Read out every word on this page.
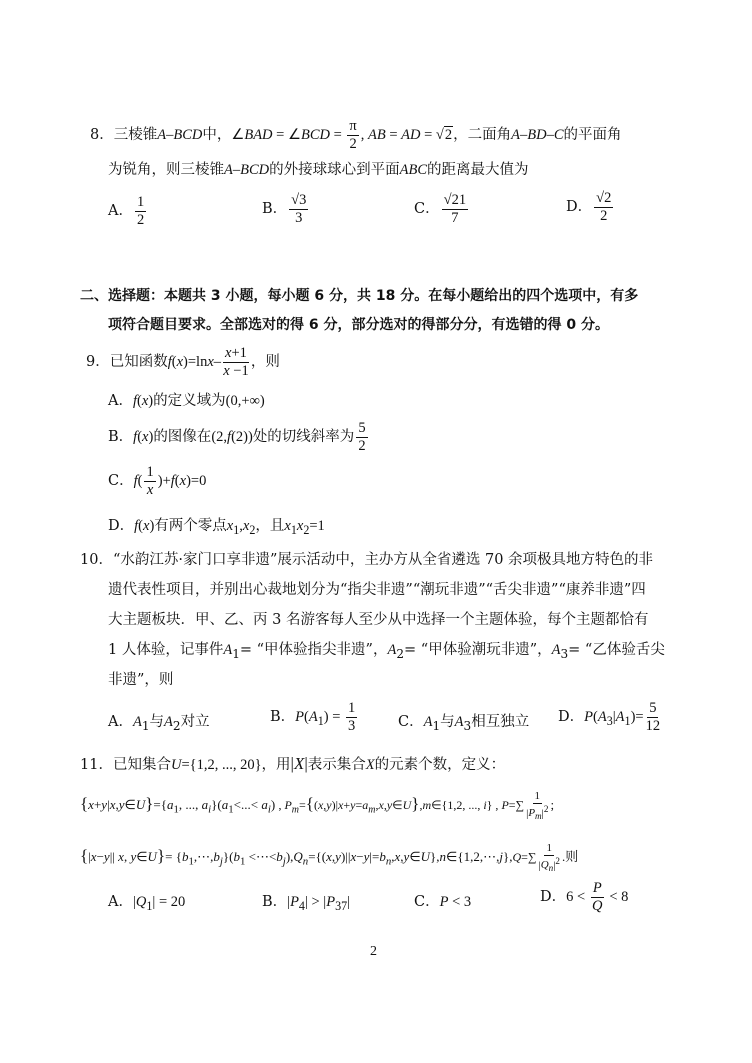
8．三棱锥A–BCD中，∠BAD = ∠BCD = $\frac{\pi}{2}$ , AB = AD = √2，二面角A–BD–C的平面角
为锐角，则三棱锥A–BCD的外接球球心到平面ABC的距离最大值为
A． $\frac{1}{2}$	B． $\frac{√3}{3}$	C． $\frac{√21}{7}$	D． $\frac{√2}{2}$
二、选择题：本题共 3 小题，每小题 6 分，共 18 分。在每小题给出的四个选项中，有多
项符合题目要求。全部选对的得 6 分，部分选对的得部分分，有选错的得 0 分。
9．已知函数$f(x)=\ln x- \frac{x+1}{x -1}$ ，则
A．f(x)的定义域为(0,+∞)
B．f(x)的图像在(2,f(2))处的切线斜率为 $\frac{5}{2}$
C．$f( \frac{1}{x} )+f(x)=0$
D．f(x)有两个零点$x_1,x_2$，且$x_1x_2=1$
10．“水韵江苏·家门口享非遗”展示活动中，主办方从全省遴选 70 余项极具地方特色的非
遗代表性项目，并别出心裁地划分为“指尖非遗”“潮玩非遗”“舌尖非遗”“康养非遗”四
大主题板块．甲、乙、丙 3 名游客每人至少从中选择一个主题体验，每个主题都恰有
1 人体验，记事件$A_1=$ “甲体验指尖非遗”，$A_2=$ “甲体验潮玩非遗”，$A_3=$ “乙体验舌尖
非遗”，则
A．$A_1$与$A_2$对立	B．$P(A_1) = \frac{1}{3}$	C．$A_1$与$A_3$相互独立 D．$P(A_3|A_1)= \frac{5}{12}$
11．已知集合U={1,2, ..., 20}，用|X|表示集合X的元素个数，定义：
$\{x+y|x,y\in U\}=\{a_1$, ..., $a_i\}(a_1<...< a_i)$ , $P_m=\{(x,y)|x+y=a_m,x,y\in U\},m\in\{1,2$, ..., i} , $P=\sum \frac{1}{|P_m|^2}$ ;
{|x−y|| x, y∈U}= $\{b_1,\cdots,b_j\}(b_1$ $<\cdots<b_j),Q_n=\{(x,y)||x-y|=b_n,x,y\in U\},n\in\{1,2,\cdots,j\},Q=\sum \frac{1}{|Q_n|^2}$ .则
A．$|Q_1| = 20$	B．$|P_4| > |P_{37}|$	C．P < 3	D．$6 < \frac{P}{Q} < 8$
2
